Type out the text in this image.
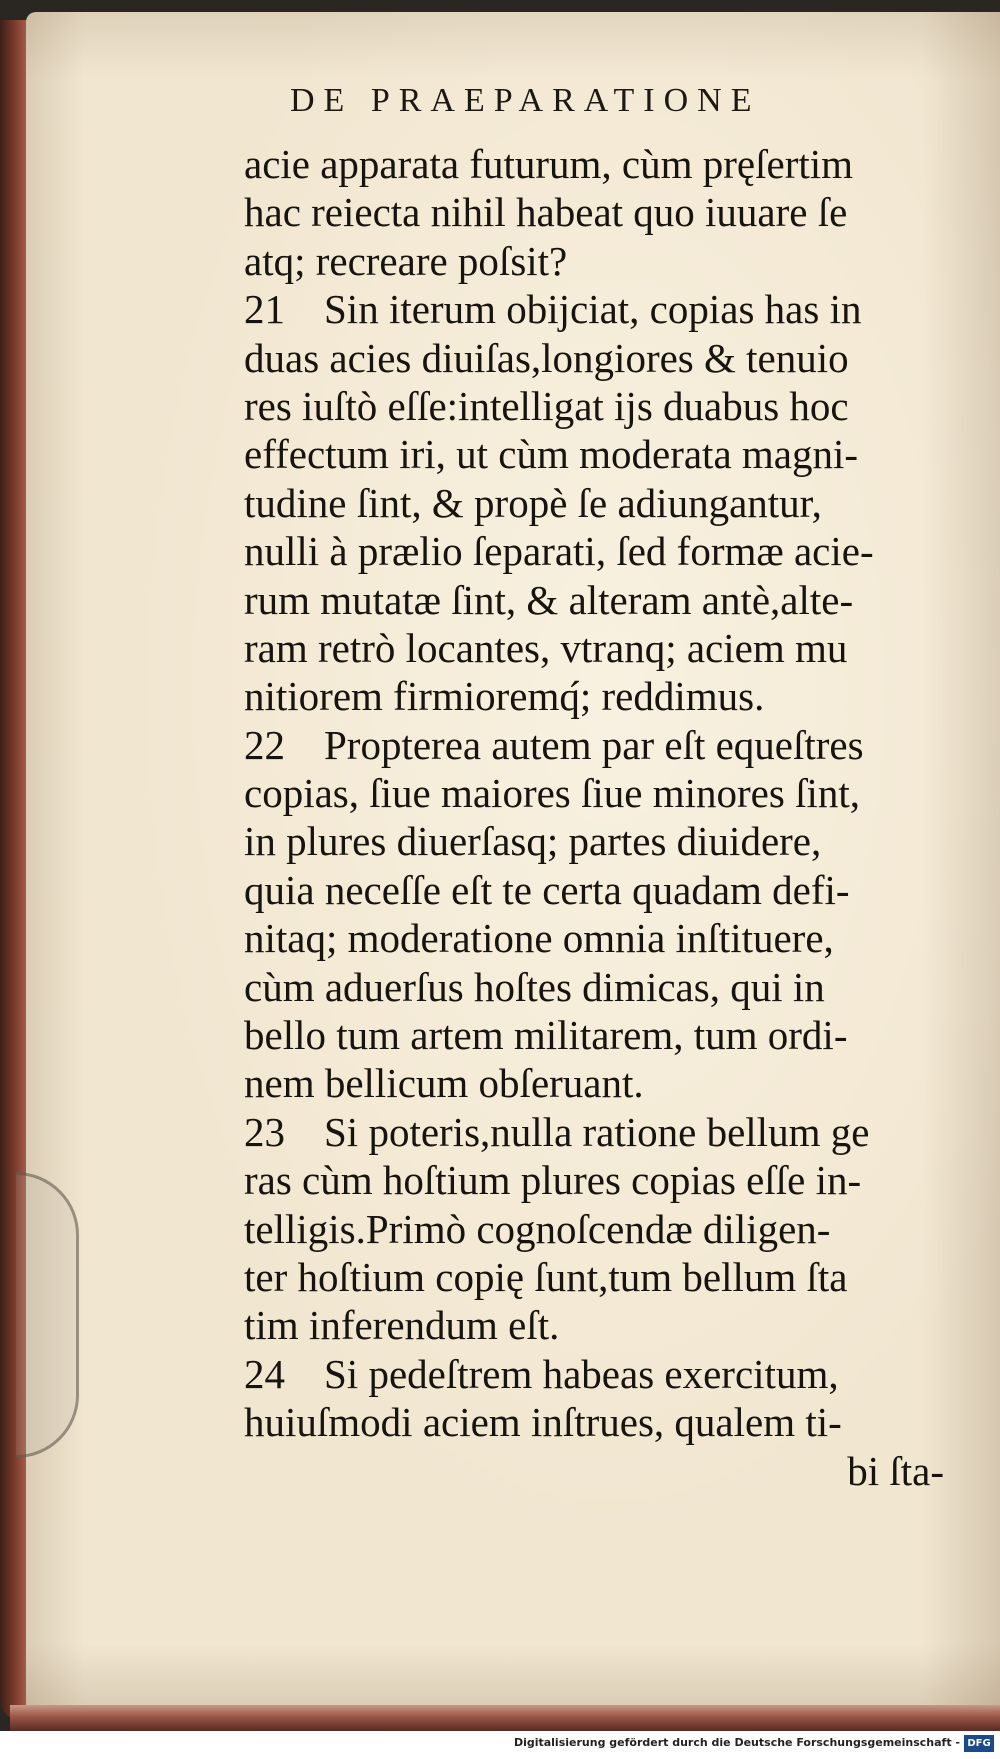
DE PRAEPARATIONE
acie apparata futurum, cùm pręſertim
hac reiecta nihil habeat quo iuuare ſe
atq; recreare poſsit?
21 Sin iterum obijciat, copias has in
duas acies diuiſas,longiores & tenuio
res iuſtò eſſe:intelligat ijs duabus hoc
effectum iri, ut cùm moderata magni-
tudine ſint, & propè ſe adiungantur,
nulli à prælio ſeparati, ſed formæ acie-
rum mutatæ ſint, & alteram antè,alte-
ram retrò locantes, vtranq; aciem mu
nitiorem firmioremq́; reddimus.
22 Propterea autem par eſt equeſtres
copias, ſiue maiores ſiue minores ſint,
in plures diuerſasq; partes diuidere,
quia neceſſe eſt te certa quadam defi-
nitaq; moderatione omnia inſtituere,
cùm aduerſus hoſtes dimicas, qui in
bello tum artem militarem, tum ordi-
nem bellicum obſeruant.
23 Si poteris,nulla ratione bellum ge
ras cùm hoſtium plures copias eſſe in-
telligis.Primò cognoſcendæ diligen-
ter hoſtium copię ſunt,tum bellum ſta
tim inferendum eſt.
24 Si pedeſtrem habeas exercitum,
huiuſmodi aciem inſtrues, qualem ti-
bi ſta-
Digitalisierung gefördert durch die Deutsche Forschungsgemeinschaft - DFG
